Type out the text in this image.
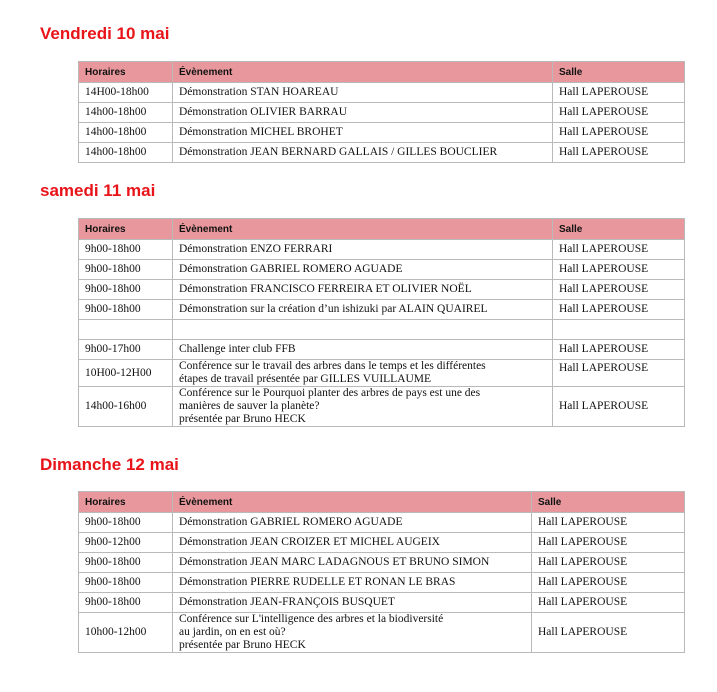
Vendredi 10 mai
Horaires	Évènement	Salle
14H00-18h00	Démonstration STAN HOAREAU	Hall LAPEROUSE
14h00-18h00	Démonstration OLIVIER BARRAU	Hall LAPEROUSE
14h00-18h00	Démonstration MICHEL BROHET	Hall LAPEROUSE
14h00-18h00	Démonstration JEAN BERNARD GALLAIS / GILLES BOUCLIER	Hall LAPEROUSE
samedi 11 mai
Horaires	Évènement	Salle
9h00-18h00	Démonstration ENZO FERRARI	Hall LAPEROUSE
9h00-18h00	Démonstration GABRIEL ROMERO AGUADE	Hall LAPEROUSE
9h00-18h00	Démonstration FRANCISCO FERREIRA ET OLIVIER NOËL	Hall LAPEROUSE
9h00-18h00	Démonstration sur la création d’un ishizuki par ALAIN QUAIREL	Hall LAPEROUSE

9h00-17h00	Challenge inter club FFB	Hall LAPEROUSE
10H00-12H00	Conférence sur le travail des arbres dans le temps et les différentes
étapes de travail présentée par GILLES VUILLAUME	Hall LAPEROUSE
14h00-16h00	Conférence sur le Pourquoi planter des arbres de pays est une des
manières de sauver la planète?
présentée par Bruno HECK	Hall LAPEROUSE
Dimanche 12 mai
Horaires	Évènement	Salle
9h00-18h00	Démonstration GABRIEL ROMERO AGUADE	Hall LAPEROUSE
9h00-12h00	Démonstration JEAN CROIZER ET MICHEL AUGEIX	Hall LAPEROUSE
9h00-18h00	Démonstration JEAN MARC LADAGNOUS ET BRUNO SIMON	Hall LAPEROUSE
9h00-18h00	Démonstration PIERRE RUDELLE ET RONAN LE BRAS	Hall LAPEROUSE
9h00-18h00	Démonstration JEAN-FRANÇOIS BUSQUET	Hall LAPEROUSE
10h00-12h00	Conférence sur L'intelligence des arbres et la biodiversité
au jardin, on en est où?
présentée par Bruno HECK	Hall LAPEROUSE
